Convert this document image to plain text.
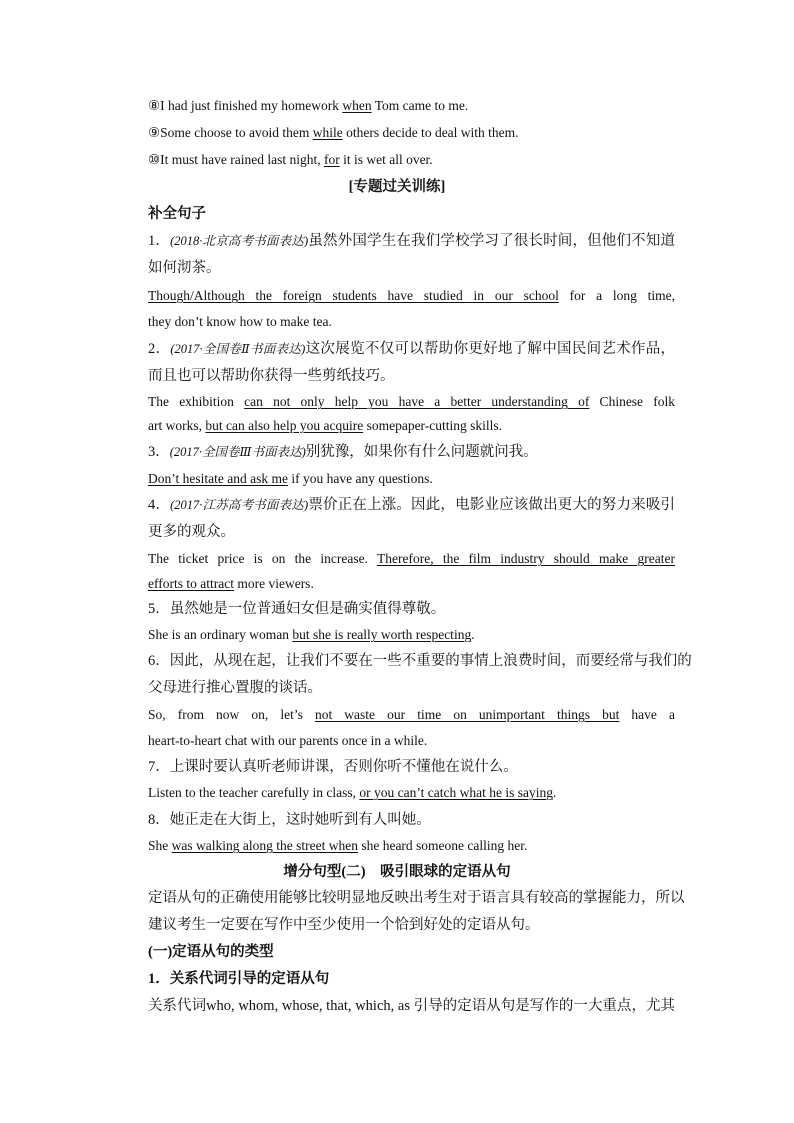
⑧I had just finished my homework when Tom came to me.
⑨Some choose to avoid them while others decide to deal with them.
⑩It must have rained last night, for it is wet all over.
[专题过关训练]
补全句子
1．(2018·北京高考书面表达)虽然外国学生在我们学校学习了很长时间，但他们不知道
如何沏茶。
Though/Although the foreign students have studied in our school for a long time,
they don’t know how to make tea.
2．(2017·全国卷Ⅱ书面表达)这次展览不仅可以帮助你更好地了解中国民间艺术作品，
而且也可以帮助你获得一些剪纸技巧。
The exhibition can not only help you have a better understanding of Chinese folk
art works, but can also help you acquire somepaper-cutting skills.
3．(2017·全国卷Ⅲ书面表达)别犹豫，如果你有什么问题就问我。
Don’t hesitate and ask me if you have any questions.
4．(2017·江苏高考书面表达)票价正在上涨。因此，电影业应该做出更大的努力来吸引
更多的观众。
The ticket price is on the increase. Therefore, the film industry should make greater
efforts to attract more viewers.
5．虽然她是一位普通妇女但是确实值得尊敬。
She is an ordinary woman but she is really worth respecting.
6．因此，从现在起，让我们不要在一些不重要的事情上浪费时间，而要经常与我们的
父母进行推心置腹的谈话。
So, from now on, let’s not waste our time on unimportant things but have a
heart-to-heart chat with our parents once in a while.
7．上课时要认真听老师讲课，否则你听不懂他在说什么。
Listen to the teacher carefully in class, or you can’t catch what he is saying.
8．她正走在大街上，这时她听到有人叫她。
She was walking along the street when she heard someone calling her.
增分句型(二)　吸引眼球的定语从句
定语从句的正确使用能够比较明显地反映出考生对于语言具有较高的掌握能力，所以
建议考生一定要在写作中至少使用一个恰到好处的定语从句。
(一)定语从句的类型
1．关系代词引导的定语从句
关系代词who, whom, whose, that, which, as 引导的定语从句是写作的一大重点，尤其
